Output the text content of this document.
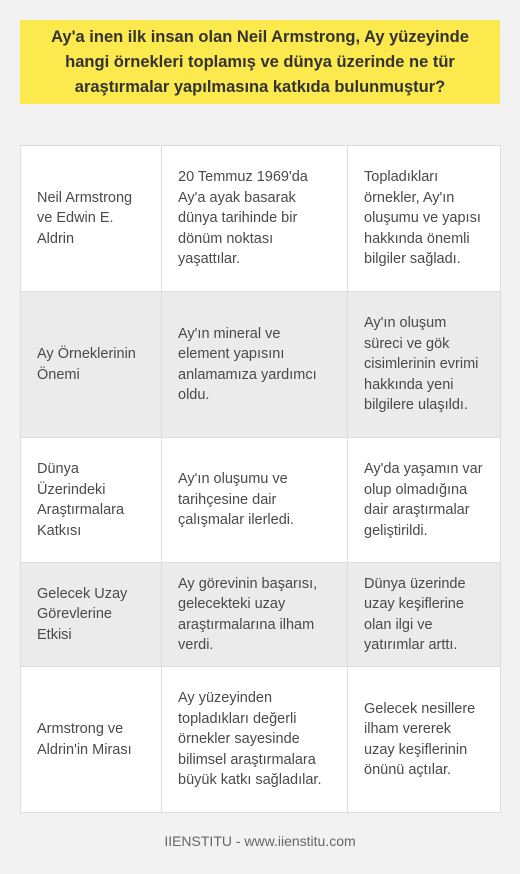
Ay'a inen ilk insan olan Neil Armstrong, Ay yüzeyinde hangi örnekleri toplamış ve dünya üzerinde ne tür araştırmalar yapılmasına katkıda bulunmuştur?
Neil Armstrong ve Edwin E. Aldrin	20 Temmuz 1969'da Ay'a ayak basarak dünya tarihinde bir dönüm noktası yaşattılar.	Topladıkları örnekler, Ay'ın oluşumu ve yapısı hakkında önemli bilgiler sağladı.
Ay Örneklerinin Önemi	Ay'ın mineral ve element yapısını anlamamıza yardımcı oldu.	Ay'ın oluşum süreci ve gök cisimlerinin evrimi hakkında yeni bilgilere ulaşıldı.
Dünya Üzerindeki Araştırmalara Katkısı	Ay'ın oluşumu ve tarihçesine dair çalışmalar ilerledi.	Ay'da yaşamın var olup olmadığına dair araştırmalar geliştirildi.
Gelecek Uzay Görevlerine Etkisi	Ay görevinin başarısı, gelecekteki uzay araştırmalarına ilham verdi.	Dünya üzerinde uzay keşiflerine olan ilgi ve yatırımlar arttı.
Armstrong ve Aldrin'in Mirası	Ay yüzeyinden topladıkları değerli örnekler sayesinde bilimsel araştırmalara büyük katkı sağladılar.	Gelecek nesillere ilham vererek uzay keşiflerinin önünü açtılar.
IIENSTITU - www.iienstitu.com
